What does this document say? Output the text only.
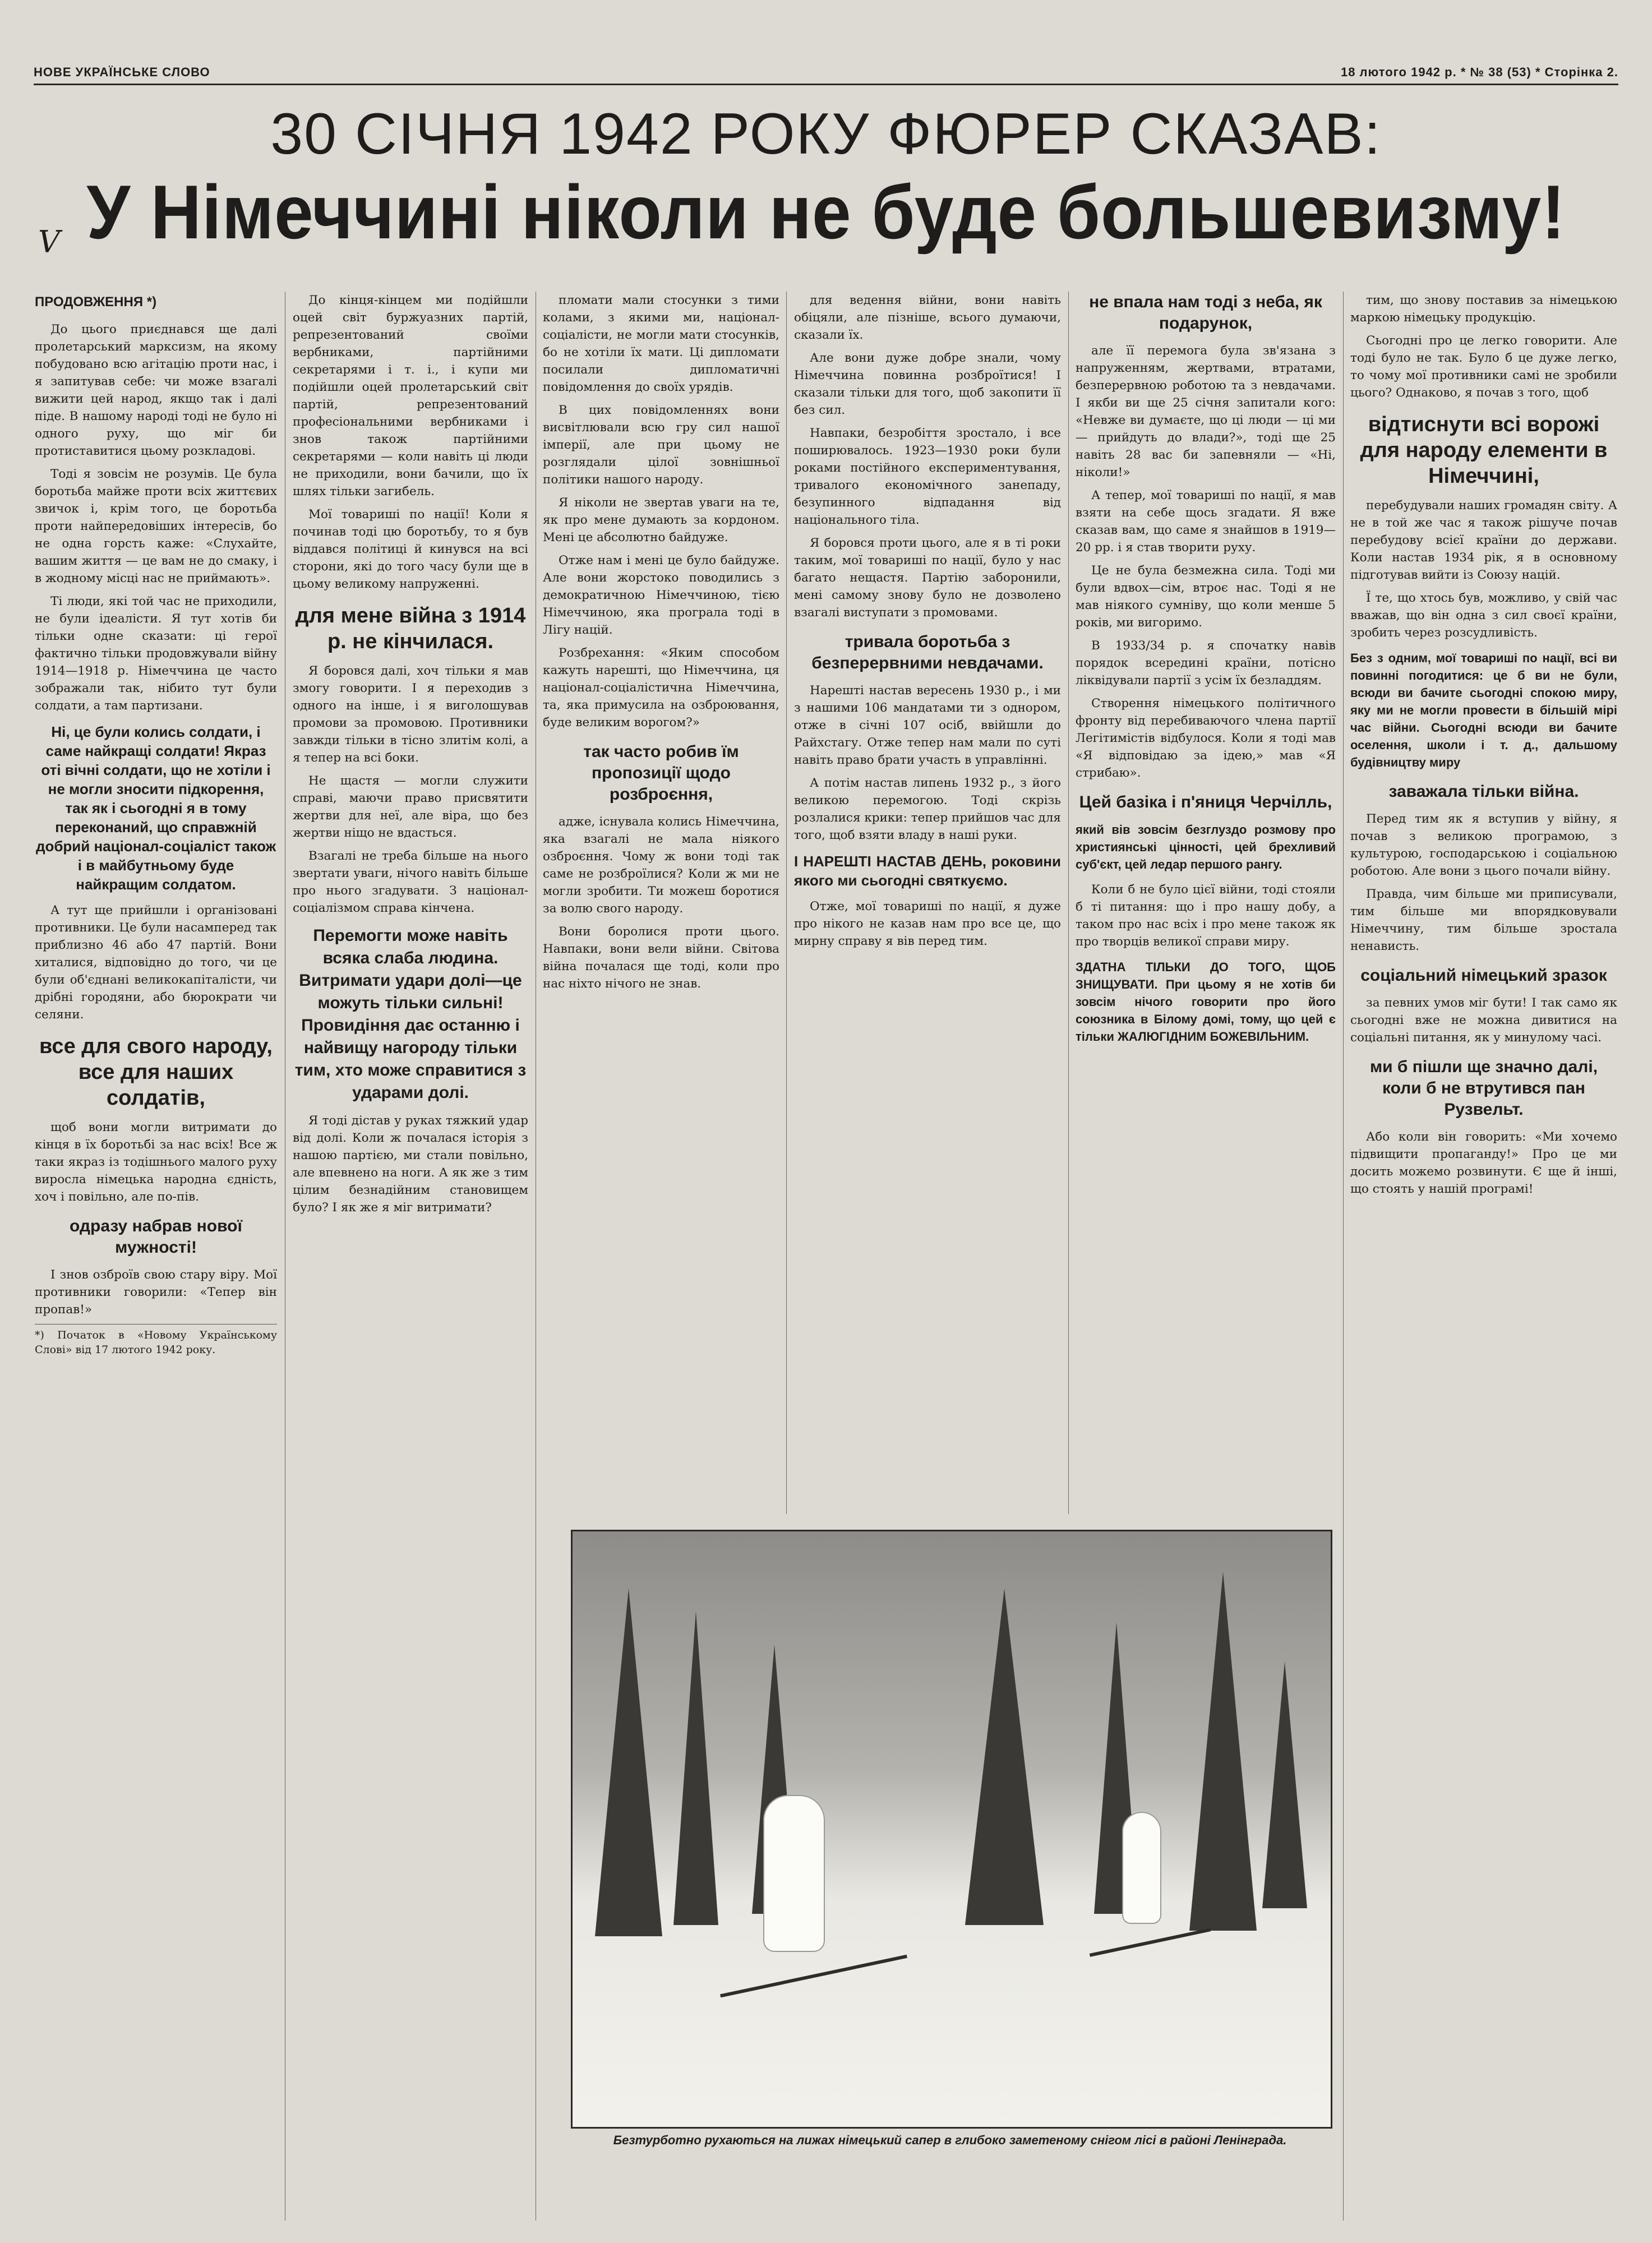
НОВЕ УКРАЇНСЬКЕ СЛОВО	18 лютого 1942 р. * № 38 (53) * Сторінка 2.
30 СІЧНЯ 1942 РОКУ ФЮРЕР СКАЗАВ:
У Німеччині ніколи не буде большевизму!
V
ПРОДОВЖЕННЯ *)

До цього приєднався ще далі пролетарський марксизм, на якому побудовано всю агітацію проти нас, і я запитував себе: чи може взагалі вижити цей народ, якщо так і далі піде. В нашому народі тоді не було ні одного руху, що міг би протиставитися цьому розкладові.

Тоді я зовсім не розумів. Це була боротьба майже проти всіх життєвих звичок і, крім того, це боротьба проти найпередовіших інтересів, бо не одна горсть каже: «Слухайте, вашим життя — це вам не до смаку, і в жодному місці нас не приймають».

Ті люди, які той час не приходили, не були ідеалісти. Я тут хотів би тільки одне сказати: ці герої фактично тільки продовжували війну 1914—1918 р. Німеччина це часто зображали так, нібито тут були солдати, а там партизани.

Ні, це були колись солдати, і саме найкращі солдати! Якраз оті вічні солдати, що не хотіли і не могли зносити підкорення, так як і сьогодні я в тому переконаний, що справжній добрий націонал-соціаліст також і в майбутньому буде найкращим солдатом.

А тут ще прийшли і організовані противники. Це були насамперед так приблизно 46 або 47 партій. Вони хиталися, відповідно до того, чи це були об'єднані великокапіталісти, чи дрібні городяни, або бюрократи чи селяни.

все для свого народу, все для наших солдатів,

щоб вони могли витримати до кінця в їх боротьбі за нас всіх! Все ж таки якраз із тодішнього малого руху виросла німецька народна єдність, хоч і повільно, але по-пів.

одразу набрав нової мужності!

І знов озброїв свою стару віру. Мої противники говорили: «Тепер він пропав!»

*) Початок в «Новому Українському Слові» від 17 лютого 1942 року.

До кінця-кінцем ми подійшли оцей світ буржуазних партій, репрезентований своїми вербниками, партійними секретарями і т. і., і купи ми подійшли оцей пролетарський світ партій, репрезентований професіональними вербниками і знов також партійними секретарями — коли навіть ці люди не приходили, вони бачили, що їх шлях тільки загибель.

Мої товариші по нації! Коли я починав тоді цю боротьбу, то я був віддався політиці й кинувся на всі сторони, які до того часу були ще в цьому великому напруженні.

для мене війна з 1914 р. не кінчилася.

Я боровся далі, хоч тільки я мав змогу говорити. І я переходив з одного на інше, і я виголошував промови за промовою. Противники завжди тільки в тісно злитім колі, а я тепер на всі боки.

Не щастя — могли служити справі, маючи право присвятити жертви для неї, але віра, що без жертви ніщо не вдасться.

Взагалі не треба більше на нього звертати уваги, нічого навіть більше про нього згадувати. З націонал-соціалізмом справа кінчена.

Перемогти може навіть всяка слаба людина. Витримати удари долі—це можуть тільки сильні! Провидіння дає останню і найвищу нагороду тільки тим, хто може справитися з ударами долі.

Я тоді дістав у руках тяжкий удар від долі. Коли ж почалася історія з нашою партією, ми стали повільно, але впевнено на ноги. А як же з тим цілим безнадійним становищем було? І як же я міг витримати?

пломати мали стосунки з тими колами, з якими ми, націонал-соціалісти, не могли мати стосунків, бо не хотіли їх мати. Ці дипломати посилали дипломатичні повідомлення до своїх урядів.

В цих повідомленнях вони висвітлювали всю гру сил нашої імперії, але при цьому не розглядали цілої зовнішньої політики нашого народу.

Я ніколи не звертав уваги на те, як про мене думають за кордоном. Мені це абсолютно байдуже.

Отже нам і мені це було байдуже. Але вони жорстоко поводились з демократичною Німеччиною, тією Німеччиною, яка програла тоді в Лігу націй.

Розбрехання: «Яким способом кажуть нарешті, що Німеччина, ця націонал-соціалістична Німеччина, та, яка примусила на озброювання, буде великим ворогом?»

так часто робив їм пропозиції щодо розброєння,

адже, існувала колись Німеччина, яка взагалі не мала ніякого озброєння. Чому ж вони тоді так саме не розброїлися? Коли ж ми не могли зробити. Ти можеш боротися за волю свого народу.

Вони боролися проти цього. Навпаки, вони вели війни. Світова війна почалася ще тоді, коли про нас ніхто нічого не знав.

для ведення війни, вони навіть обіцяли, але пізніше, всього думаючи, сказали їх.

Але вони дуже добре знали, чому Німеччина повинна розброїтися! І сказали тільки для того, щоб закопити її без сил.

Навпаки, безробіття зростало, і все поширювалось. 1923—1930 роки були роками постійного експериментування, тривалого економічного занепаду, безупинного відпадання від національного тіла.

Я боровся проти цього, але я в ті роки таким, мої товариші по нації, було у нас багато нещастя. Партію заборонили, мені самому знову було не дозволено взагалі виступати з промовами.

тривала боротьба з безперервними невдачами.

Нарешті настав вересень 1930 р., і ми з нашими 106 мандатами ти з однором, отже в січні 107 осіб, ввійшли до Райхстагу. Отже тепер нам мали по суті навіть право брати участь в управлінні.

А потім настав липень 1932 р., з його великою перемогою. Тоді скрізь розлалися крики: тепер прийшов час для того, щоб взяти владу в наші руки.

І НАРЕШТІ НАСТАВ ДЕНЬ, роковини якого ми сьогодні святкуємо.

Отже, мої товариші по нації, я дуже про нікого не казав нам про все це, що мирну справу я вів перед тим.

не впала нам тоді з неба, як подарунок,

але її перемога була зв'язана з напруженням, жертвами, втратами, безперервною роботою та з невдачами. І якби ви ще 25 січня запитали кого: «Невже ви думаєте, що ці люди — ці ми — прийдуть до влади?», тоді ще 25 навіть 28 вас би запевняли — «Ні, ніколи!»

А тепер, мої товариші по нації, я мав взяти на себе щось згадати. Я вже сказав вам, що саме я знайшов в 1919—20 рр. і я став творити руху.

Це не була безмежна сила. Тоді ми були вдвох—сім, втроє нас. Тоді я не мав ніякого сумніву, що коли менше 5 років, ми вигоримо.

В 1933/34 р. я спочатку навів порядок всередині країни, потісно ліквідували партії з усім їх безладдям.

Створення німецького політичного фронту від перебиваючого члена партії Легітимістів відбулося. Коли я тоді мав «Я відповідаю за ідею,» мав «Я стрибаю».

Цей базіка і п'яниця Черчілль,
який вів зовсім безглуздо розмову про християнські цінності, цей брехливий суб'єкт, цей ледар першого рангу.

Коли б не було цієї війни, тоді стояли б ті питання: що і про нашу добу, а таком про нас всіх і про мене також як про творців великої справи миру.

ЗДАТНА ТІЛЬКИ ДО ТОГО, ЩОБ ЗНИЩУВАТИ. При цьому я не хотів би зовсім нічого говорити про його союзника в Білому домі, тому, що цей є тільки ЖАЛЮГІДНИМ БОЖЕВІЛЬНИМ.

тим, що знову поставив за німецькою маркою німецьку продукцію.

Сьогодні про це легко говорити. Але тоді було не так. Було б це дуже легко, то чому мої противники самі не зробили цього? Однаково, я почав з того, щоб

відтиснути всі ворожі для народу елементи в Німеччині,

перебудували наших громадян світу. А не в той же час я також рішуче почав перебудову всієї країни до держави. Коли настав 1934 рік, я в основному підготував вийти із Союзу націй.

Ї те, що хтось був, можливо, у свій час вважав, що він одна з сил своєї країни, зробить через розсудливість.

Без з одним, мої товариші по нації, всі ви повинні погодитися: це б ви не були, всюди ви бачите сьогодні спокою миру, яку ми не могли провести в більшій мірі час війни. Сьогодні всюди ви бачите оселення, школи і т. д., дальшому будівництву миру
заважала тільки війна.

Перед тим як я вступив у війну, я почав з великою програмою, з культурою, господарською і соціальною роботою. Але вони з цього почали війну.

Правда, чим більше ми приписували, тим більше ми впорядковували Німеччину, тим більше зростала ненависть.

соціальний німецький зразок

за певних умов міг бути! І так само як сьогодні вже не можна дивитися на соціальні питання, як у минулому часі.

ми б пішли ще значно далі, коли б не втрутився пан Рузвельт.

Або коли він говорить: «Ми хочемо підвищити пропаганду!» Про це ми досить можемо розвинути. Є ще й інші, що стоять у нашій програмі!

Безтурботно рухаються на лижах німецький сапер в глибоко заметеному снігом лісі в районі Ленінграда.
